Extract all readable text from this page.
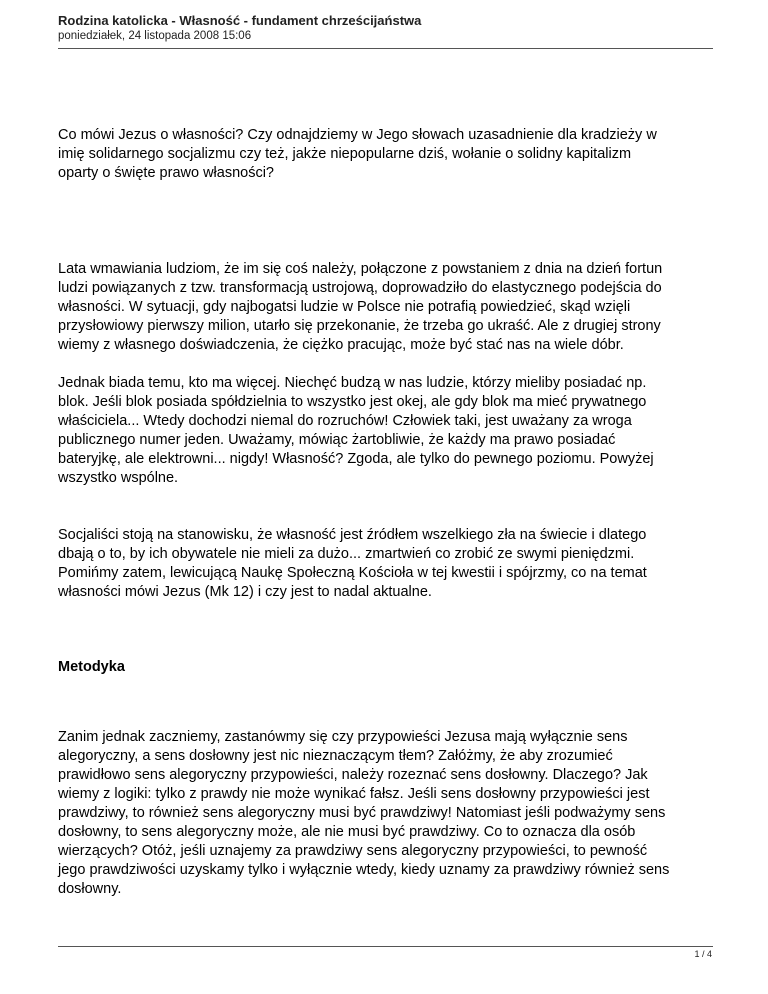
Rodzina katolicka - Własność - fundament chrześcijaństwa
poniedziałek, 24 listopada 2008 15:06

Co mówi Jezus o własności? Czy odnajdziemy w Jego słowach uzasadnienie dla kradzieży w
imię solidarnego socjalizmu czy też, jakże niepopularne dziś, wołanie o solidny kapitalizm
oparty o święte prawo własności?

Lata wmawiania ludziom, że im się coś należy, połączone z powstaniem z dnia na dzień fortun
ludzi powiązanych z tzw. transformacją ustrojową, doprowadziło do elastycznego podejścia do
własności. W sytuacji, gdy najbogatsi ludzie w Polsce nie potrafią powiedzieć, skąd wzięli
przysłowiowy pierwszy milion, utarło się przekonanie, że trzeba go ukraść. Ale z drugiej strony
wiemy z własnego doświadczenia, że ciężko pracując, może być stać nas na wiele dóbr.

Jednak biada temu, kto ma więcej. Niechęć budzą w nas ludzie, którzy mieliby posiadać np.
blok. Jeśli blok posiada spółdzielnia to wszystko jest okej, ale gdy blok ma mieć prywatnego
właściciela... Wtedy dochodzi niemal do rozruchów! Człowiek taki, jest uważany za wroga
publicznego numer jeden. Uważamy, mówiąc żartobliwie, że każdy ma prawo posiadać
bateryjkę, ale elektrowni... nigdy! Własność? Zgoda, ale tylko do pewnego poziomu. Powyżej
wszystko wspólne.

Socjaliści stoją na stanowisku, że własność jest źródłem wszelkiego zła na świecie i dlatego
dbają o to, by ich obywatele nie mieli za dużo... zmartwień co zrobić ze swymi pieniędzmi.
Pomińmy zatem, lewicującą Naukę Społeczną Kościoła w tej kwestii i spójrzmy, co na temat
własności mówi Jezus (Mk 12) i czy jest to nadal aktualne.

Metodyka

Zanim jednak zaczniemy, zastanówmy się czy przypowieści Jezusa mają wyłącznie sens
alegoryczny, a sens dosłowny jest nic nieznaczącym tłem? Załóżmy, że aby zrozumieć
prawidłowo sens alegoryczny przypowieści, należy rozeznać sens dosłowny. Dlaczego? Jak
wiemy z logiki: tylko z prawdy nie może wynikać fałsz. Jeśli sens dosłowny przypowieści jest
prawdziwy, to również sens alegoryczny musi być prawdziwy! Natomiast jeśli podważymy sens
dosłowny, to sens alegoryczny może, ale nie musi być prawdziwy. Co to oznacza dla osób
wierzących? Otóż, jeśli uznajemy za prawdziwy sens alegoryczny przypowieści, to pewność
jego prawdziwości uzyskamy tylko i wyłącznie wtedy, kiedy uznamy za prawdziwy również sens
dosłowny.

1 / 4
